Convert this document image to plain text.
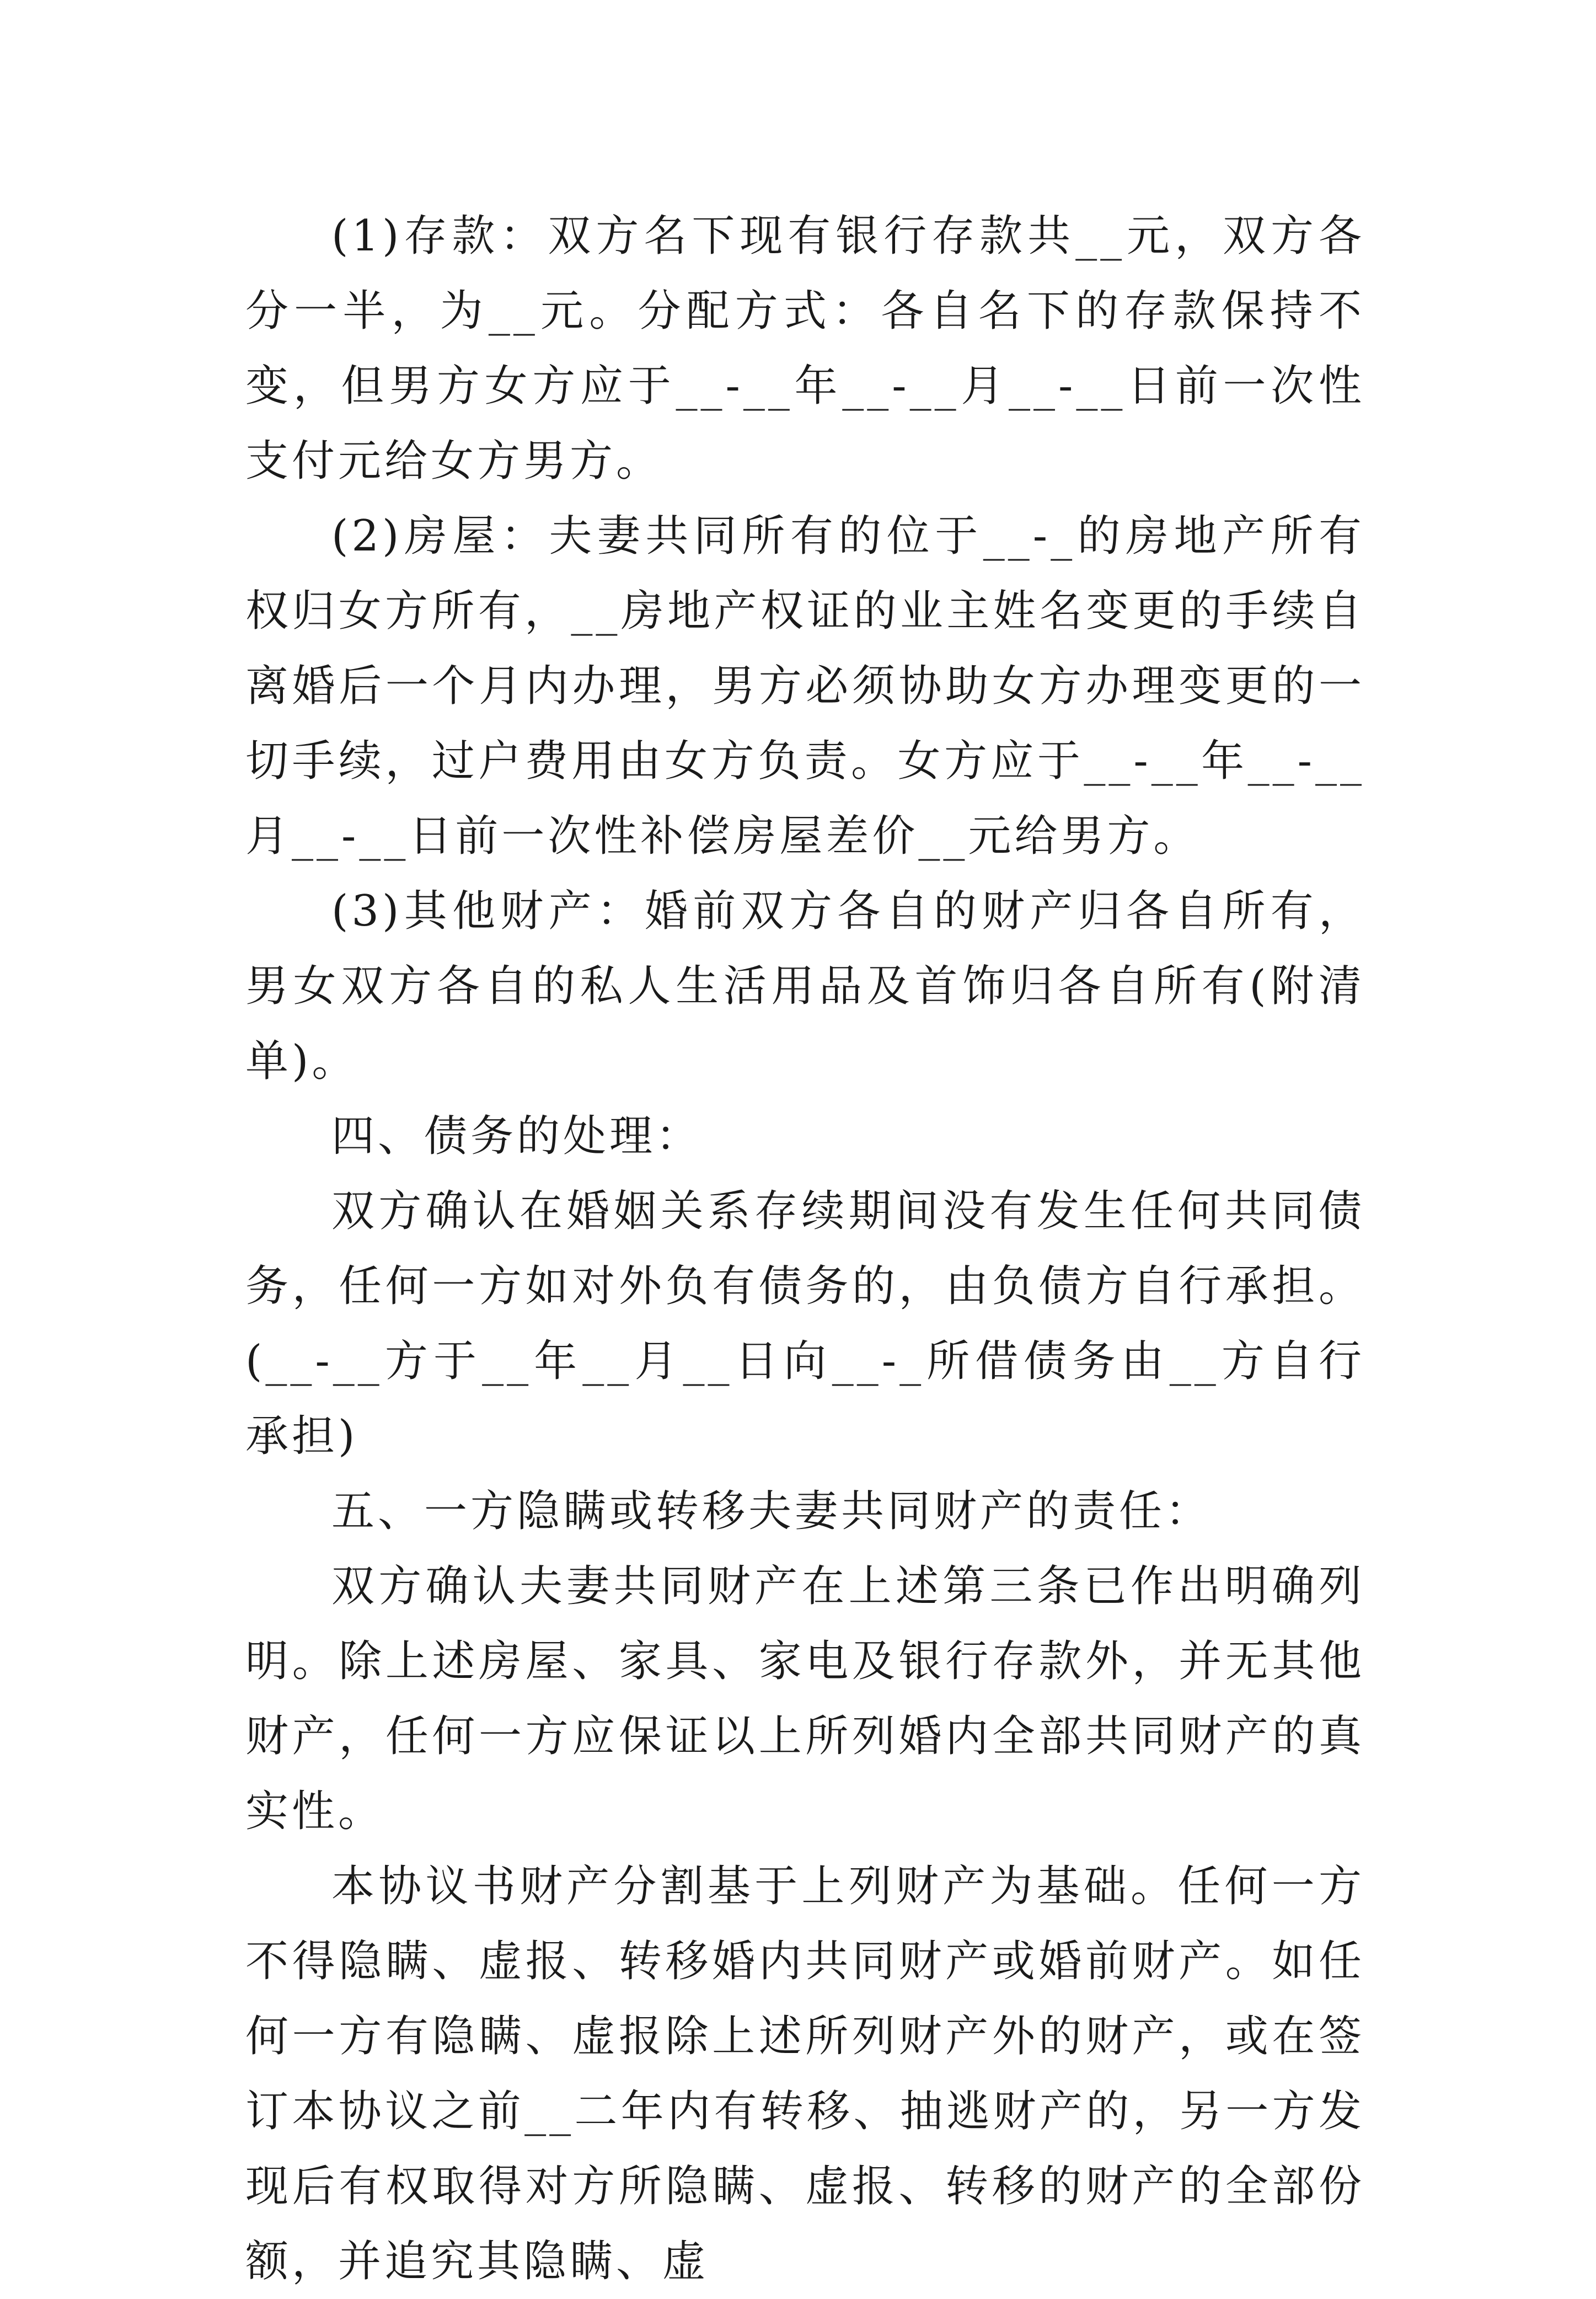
(1)存款：双方名下现有银行存款共__元，双方各分一半，为__元。分配方式：各自名下的存款保持不变，但男方女方应于__-__年__-__月__-__日前一次性支付元给女方男方。

(2)房屋：夫妻共同所有的位于__-_的房地产所有权归女方所有，__房地产权证的业主姓名变更的手续自离婚后一个月内办理，男方必须协助女方办理变更的一切手续，过户费用由女方负责。女方应于__-__年__-__月__-__日前一次性补偿房屋差价__元给男方。

(3)其他财产：婚前双方各自的财产归各自所有，男女双方各自的私人生活用品及首饰归各自所有(附清单)。

四、债务的处理：

双方确认在婚姻关系存续期间没有发生任何共同债务，任何一方如对外负有债务的，由负债方自行承担。(__-__方于__年__月__日向__-_所借债务由__方自行承担)

五、一方隐瞒或转移夫妻共同财产的责任：

双方确认夫妻共同财产在上述第三条已作出明确列明。除上述房屋、家具、家电及银行存款外，并无其他财产，任何一方应保证以上所列婚内全部共同财产的真实性。

本协议书财产分割基于上列财产为基础。任何一方不得隐瞒、虚报、转移婚内共同财产或婚前财产。如任何一方有隐瞒、虚报除上述所列财产外的财产，或在签订本协议之前__二年内有转移、抽逃财产的，另一方发现后有权取得对方所隐瞒、虚报、转移的财产的全部份额，并追究其隐瞒、虚
